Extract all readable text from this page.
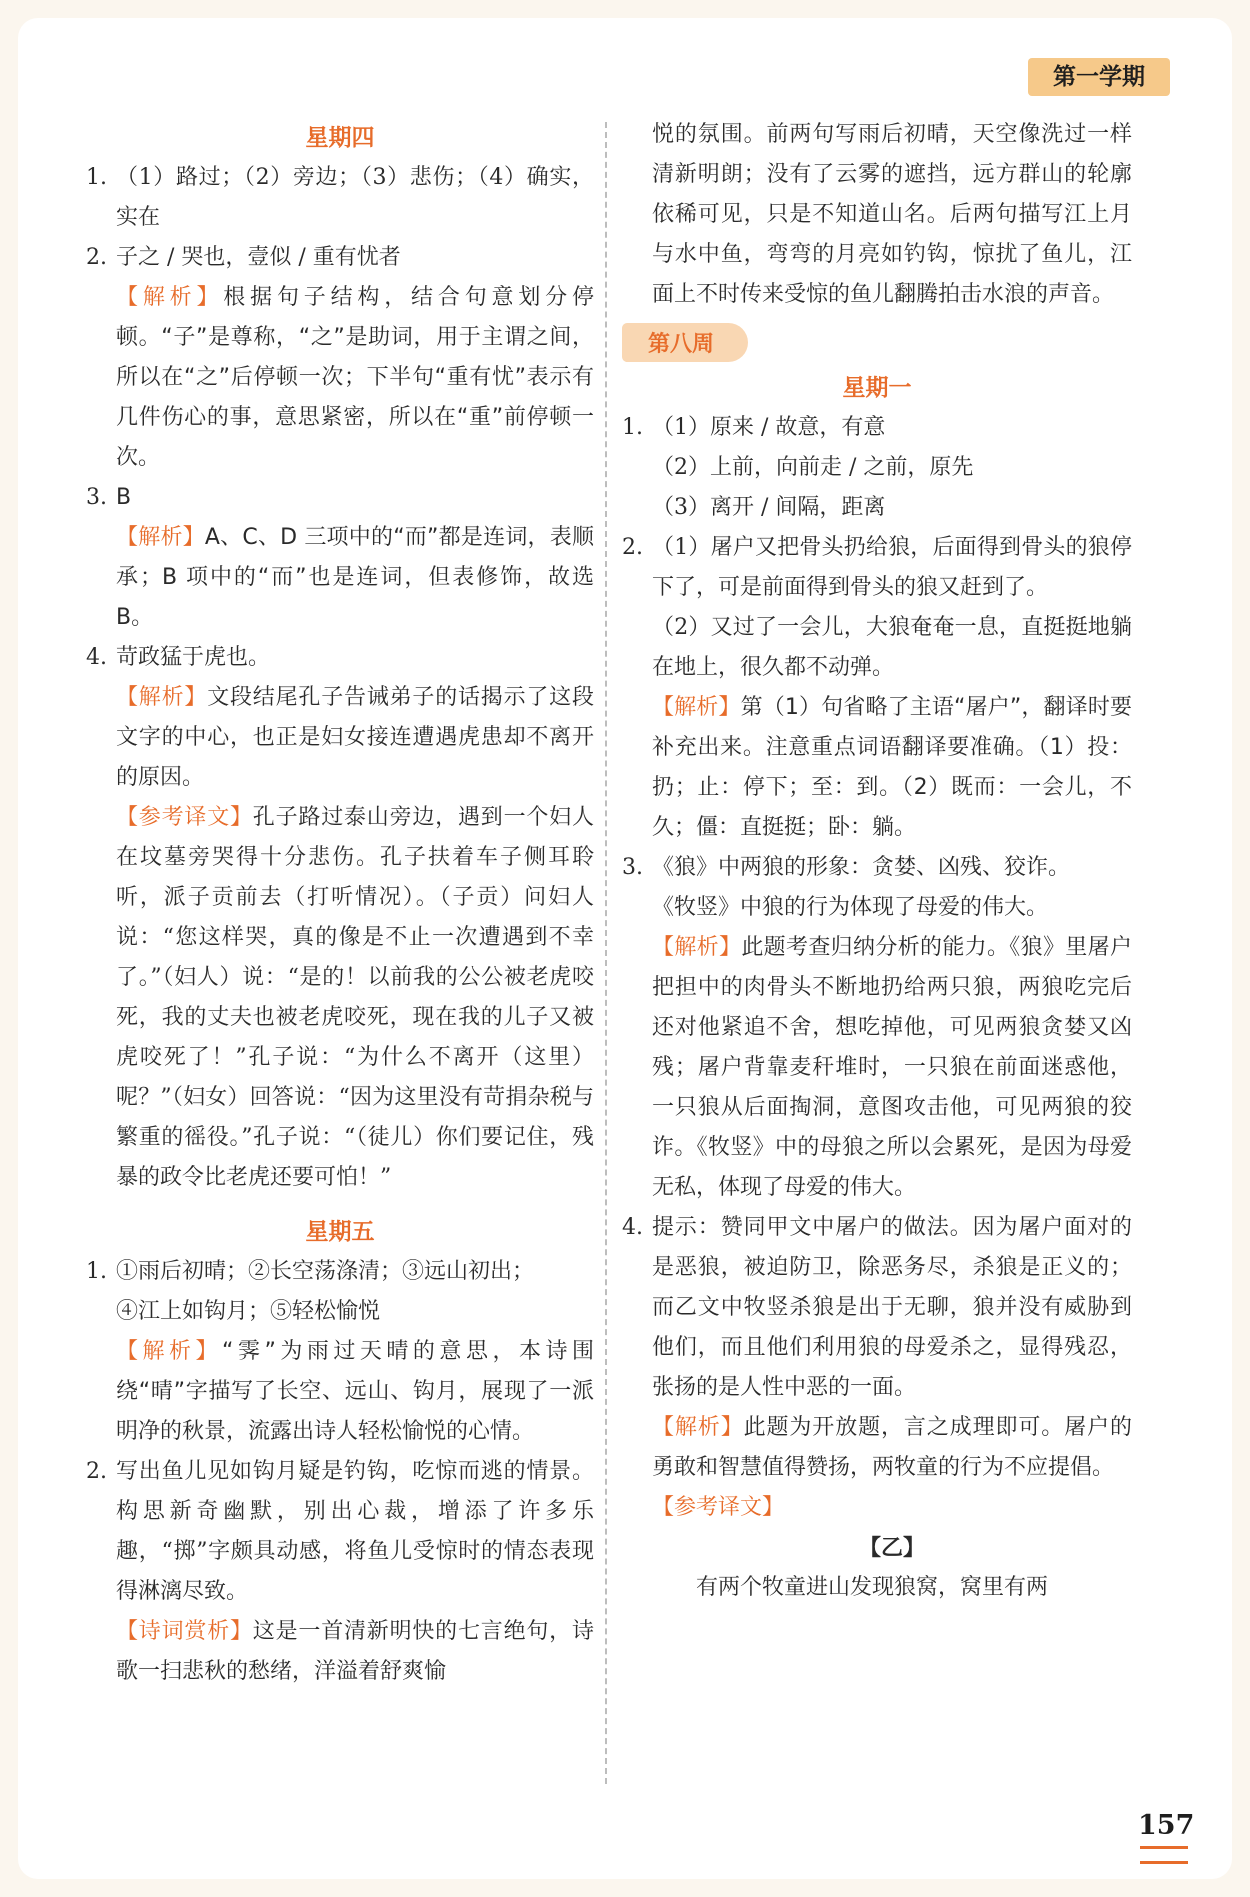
第一学期
星期四
1. （1）路过；（2）旁边；（3）悲伤；（4）确实，实在
2. 子之 / 哭也，壹似 / 重有忧者
【解析】根据句子结构，结合句意划分停顿。“子”是尊称，“之”是助词，用于主谓之间，所以在“之”后停顿一次；下半句“重有忧”表示有几件伤心的事，意思紧密，所以在“重”前停顿一次。
3. B
【解析】A、C、D 三项中的“而”都是连词，表顺承；B 项中的“而”也是连词，但表修饰，故选 B。
4. 苛政猛于虎也。
【解析】文段结尾孔子告诫弟子的话揭示了这段文字的中心，也正是妇女接连遭遇虎患却不离开的原因。
【参考译文】孔子路过泰山旁边，遇到一个妇人在坟墓旁哭得十分悲伤。孔子扶着车子侧耳聆听，派子贡前去（打听情况）。（子贡）问妇人说：“您这样哭，真的像是不止一次遭遇到不幸了。”（妇人）说：“是的！以前我的公公被老虎咬死，我的丈夫也被老虎咬死，现在我的儿子又被虎咬死了！”孔子说：“为什么不离开（这里）呢？”（妇女）回答说：“因为这里没有苛捐杂税与繁重的徭役。”孔子说：“（徒儿）你们要记住，残暴的政令比老虎还要可怕！”
星期五
1. ①雨后初晴；②长空荡涤清；③远山初出；
④江上如钩月；⑤轻松愉悦
【解析】“霁”为雨过天晴的意思，本诗围绕“晴”字描写了长空、远山、钩月，展现了一派明净的秋景，流露出诗人轻松愉悦的心情。
2. 写出鱼儿见如钩月疑是钓钩，吃惊而逃的情景。构思新奇幽默，别出心裁，增添了许多乐趣，“掷”字颇具动感，将鱼儿受惊时的情态表现得淋漓尽致。
【诗词赏析】这是一首清新明快的七言绝句，诗歌一扫悲秋的愁绪，洋溢着舒爽愉
悦的氛围。前两句写雨后初晴，天空像洗过一样清新明朗；没有了云雾的遮挡，远方群山的轮廓依稀可见，只是不知道山名。后两句描写江上月与水中鱼，弯弯的月亮如钓钩，惊扰了鱼儿，江面上不时传来受惊的鱼儿翻腾拍击水浪的声音。
第八周
星期一
1. （1）原来 / 故意，有意
（2）上前，向前走 / 之前，原先
（3）离开 / 间隔，距离
2. （1）屠户又把骨头扔给狼，后面得到骨头的狼停下了，可是前面得到骨头的狼又赶到了。
（2）又过了一会儿，大狼奄奄一息，直挺挺地躺在地上，很久都不动弹。
【解析】第（1）句省略了主语“屠户”，翻译时要补充出来。注意重点词语翻译要准确。（1）投：扔；止：停下；至：到。（2）既而：一会儿，不久；僵：直挺挺；卧：躺。
3. 《狼》中两狼的形象：贪婪、凶残、狡诈。
《牧竖》中狼的行为体现了母爱的伟大。
【解析】此题考查归纳分析的能力。《狼》里屠户把担中的肉骨头不断地扔给两只狼，两狼吃完后还对他紧追不舍，想吃掉他，可见两狼贪婪又凶残；屠户背靠麦秆堆时，一只狼在前面迷惑他，一只狼从后面掏洞，意图攻击他，可见两狼的狡诈。《牧竖》中的母狼之所以会累死，是因为母爱无私，体现了母爱的伟大。
4. 提示：赞同甲文中屠户的做法。因为屠户面对的是恶狼，被迫防卫，除恶务尽，杀狼是正义的；而乙文中牧竖杀狼是出于无聊，狼并没有威胁到他们，而且他们利用狼的母爱杀之，显得残忍，张扬的是人性中恶的一面。
【解析】此题为开放题，言之成理即可。屠户的勇敢和智慧值得赞扬，两牧童的行为不应提倡。
【参考译文】
【乙】
有两个牧童进山发现狼窝，窝里有两
157
